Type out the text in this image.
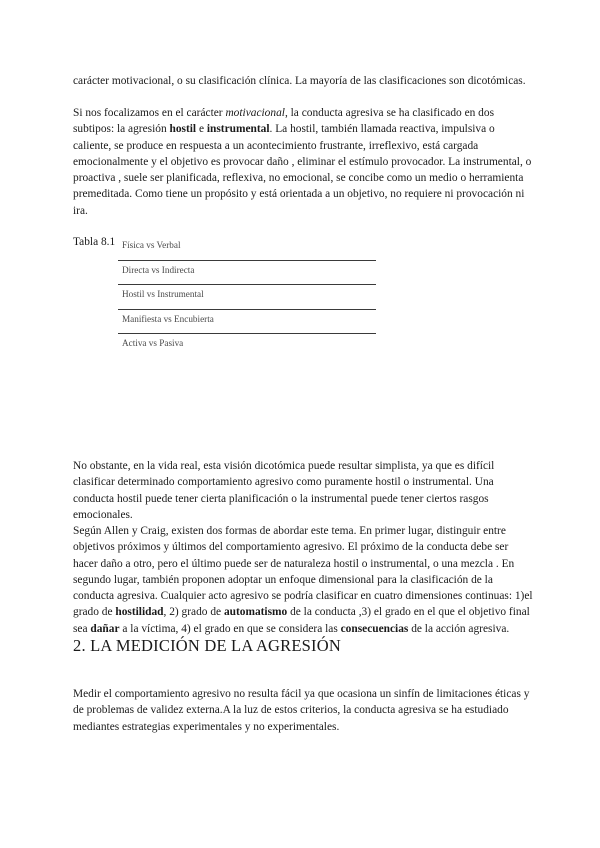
carácter motivacional, o su clasificación clínica. La mayoría de las clasificaciones son dicotómicas.

Si nos focalizamos en el carácter motivacional, la conducta agresiva se ha clasificado en dos subtipos: la agresión hostil e instrumental. La hostil, también llamada reactiva, impulsiva o caliente, se produce en respuesta a un acontecimiento frustrante, irreflexivo, está cargada emocionalmente y el objetivo es provocar daño , eliminar el estímulo provocador. La instrumental, o proactiva , suele ser planificada, reflexiva, no emocional, se concibe como un medio o herramienta premeditada. Como tiene un propósito y está orientada a un objetivo, no requiere ni provocación ni ira.

Tabla 8.1 Física vs Verbal
Directa vs Indirecta
Hostil vs Instrumental
Manifiesta vs Encubierta
Activa vs Pasiva

No obstante, en la vida real, esta visión dicotómica puede resultar simplista, ya que es difícil clasificar determinado comportamiento agresivo como puramente hostil o instrumental. Una conducta hostil puede tener cierta planificación o la instrumental puede tener ciertos rasgos emocionales.

Según Allen y Craig, existen dos formas de abordar este tema. En primer lugar, distinguir entre objetivos próximos y últimos del comportamiento agresivo. El próximo de la conducta debe ser hacer daño a otro, pero el último puede ser de naturaleza hostil o instrumental, o una mezcla . En segundo lugar, también proponen adoptar un enfoque dimensional para la clasificación de la conducta agresiva. Cualquier acto agresivo se podría clasificar en cuatro dimensiones continuas: 1)el grado de hostilidad, 2) grado de automatismo de la conducta ,3) el grado en el que el objetivo final sea dañar a la víctima, 4) el grado en que se considera las consecuencias de la acción agresiva.

2. LA MEDICIÓN DE LA AGRESIÓN

Medir el comportamiento agresivo no resulta fácil ya que ocasiona un sinfín de limitaciones éticas y de problemas de validez externa.A la luz de estos criterios, la conducta agresiva se ha estudiado mediantes estrategias experimentales y no experimentales.
